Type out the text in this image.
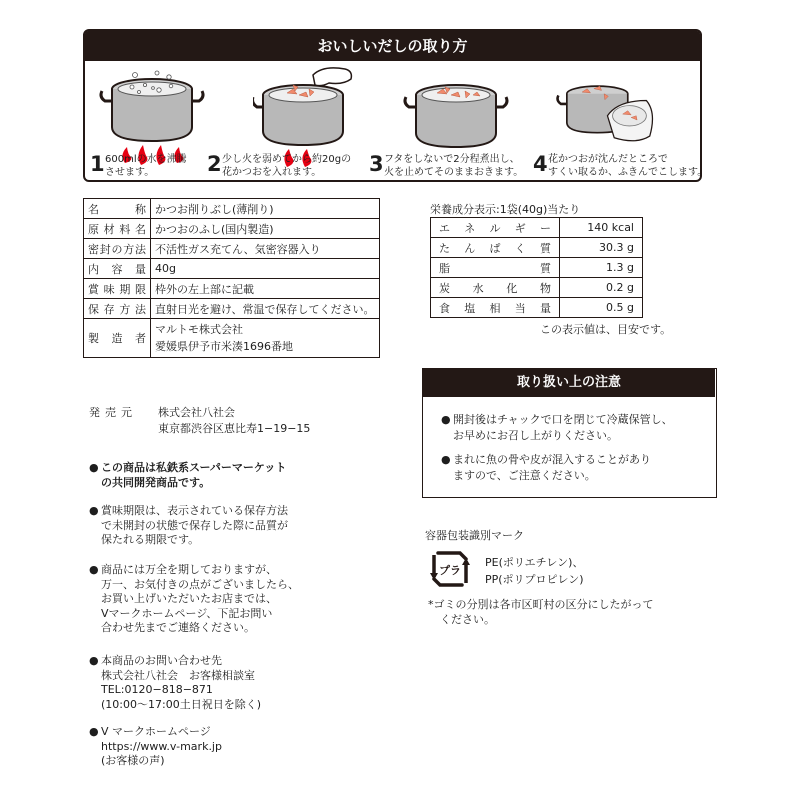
おいしいだしの取り方
1 600mlの水を沸騰
させます。	2 少し火を弱めてから約20gの
花かつおを入れます。	3 フタをしないで2分程煮出し、
火を止めてそのままおきます。 4 花かつおが沈んだところで
すくい取るか、ふきんでこします。
名称	かつお削りぶし(薄削り)
原材料名	かつおのふし(国内製造)
密封の方法	不活性ガス充てん、気密容器入り
内容量	40g
賞味期限	枠外の左上部に記載
保存方法	直射日光を避け、常温で保存してください。
製造者	マルトモ株式会社
愛媛県伊予市米湊1696番地
栄養成分表示:1袋(40g)当たり
エネルギー	140 kcal
たんぱく質	30.3 g
脂質	1.3 g
炭水化物	0.2 g
食塩相当量	0.5 g
この表示値は、目安です。
取り扱い上の注意
● 開封後はチャックで口を閉じて冷蔵保管し、
お早めにお召し上がりください。
● まれに魚の骨や皮が混入することがあり
ますので、ご注意ください。
発売元 株式会社八社会
東京都渋谷区恵比寿1−19−15
● この商品は私鉄系スーパーマーケット
の共同開発商品です。
● 賞味期限は、表示されている保存方法
で未開封の状態で保存した際に品質が
保たれる期限です。
● 商品には万全を期しておりますが、
万一、お気付きの点がございましたら、
お買い上げいただいたお店までは、
Vマークホームページ、下記お問い
合わせ先までご連絡ください。
● 本商品のお問い合わせ先
株式会社八社会　お客様相談室
TEL:0120−818−871
(10:00〜17:00土日祝日を除く)
● V マークホームページ
https://www.v-mark.jp
(お客様の声)
容器包装識別マーク
プラ
PE(ポリエチレン)、
PP(ポリプロピレン)
*ゴミの分別は各市区町村の区分にしたがって
ください。
